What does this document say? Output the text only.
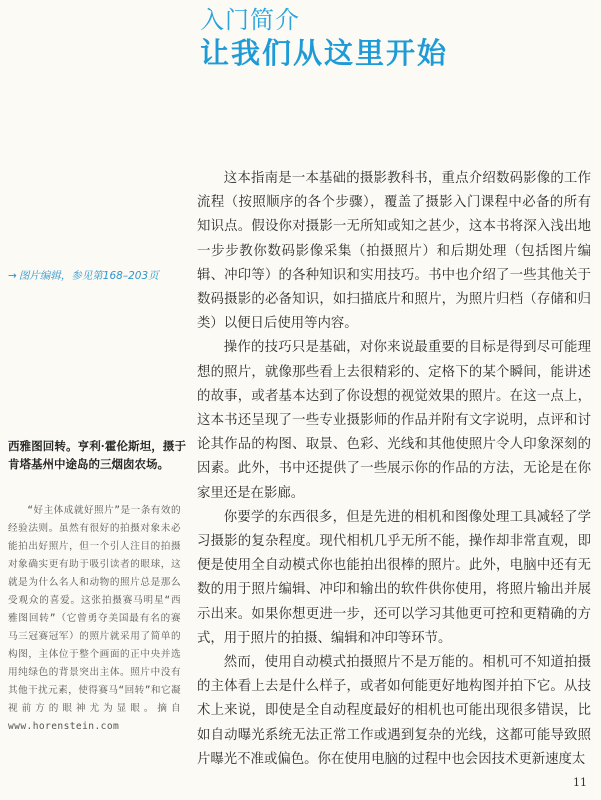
入门简介
让我们从这里开始
→ 图片编辑，参见第168–203页
西雅图回转。亨利·霍伦斯坦，摄于肯塔基州中途岛的三烟囱农场。
“好主体成就好照片”是一条有效的经验法则。虽然有很好的拍摄对象未必能拍出好照片，但一个引人注目的拍摄对象确实更有助于吸引读者的眼球，这就是为什么名人和动物的照片总是那么受观众的喜爱。这张拍摄赛马明星“西雅图回转”（它曾勇夺美国最有名的赛马三冠赛冠军）的照片就采用了简单的构图，主体位于整个画面的正中央并选用纯绿色的背景突出主体。照片中没有其他干扰元素，使得赛马“回转”和它凝视前方的眼神尤为显眼。摘自www.horenstein.com

这本指南是一本基础的摄影教科书，重点介绍数码影像的工作流程（按照顺序的各个步骤），覆盖了摄影入门课程中必备的所有知识点。假设你对摄影一无所知或知之甚少，这本书将深入浅出地一步步教你数码影像采集（拍摄照片）和后期处理（包括图片编辑、冲印等）的各种知识和实用技巧。书中也介绍了一些其他关于数码摄影的必备知识，如扫描底片和照片，为照片归档（存储和归类）以便日后使用等内容。

操作的技巧只是基础，对你来说最重要的目标是得到尽可能理想的照片，就像那些看上去很精彩的、定格下的某个瞬间，能讲述的故事，或者基本达到了你设想的视觉效果的照片。在这一点上，这本书还呈现了一些专业摄影师的作品并附有文字说明，点评和讨论其作品的构图、取景、色彩、光线和其他使照片令人印象深刻的因素。此外，书中还提供了一些展示你的作品的方法，无论是在你家里还是在影廊。

你要学的东西很多，但是先进的相机和图像处理工具减轻了学习摄影的复杂程度。现代相机几乎无所不能，操作却非常直观，即便是使用全自动模式你也能拍出很棒的照片。此外，电脑中还有无数的用于照片编辑、冲印和输出的软件供你使用，将照片输出并展示出来。如果你想更进一步，还可以学习其他更可控和更精确的方式，用于照片的拍摄、编辑和冲印等环节。

然而，使用自动模式拍摄照片不是万能的。相机可不知道拍摄的主体看上去是什么样子，或者如何能更好地构图并拍下它。从技术上来说，即使是全自动程度最好的相机也可能出现很多错误，比如自动曝光系统无法正常工作或遇到复杂的光线，这都可能导致照片曝光不准或偏色。你在使用电脑的过程中也会因技术更新速度太

11
